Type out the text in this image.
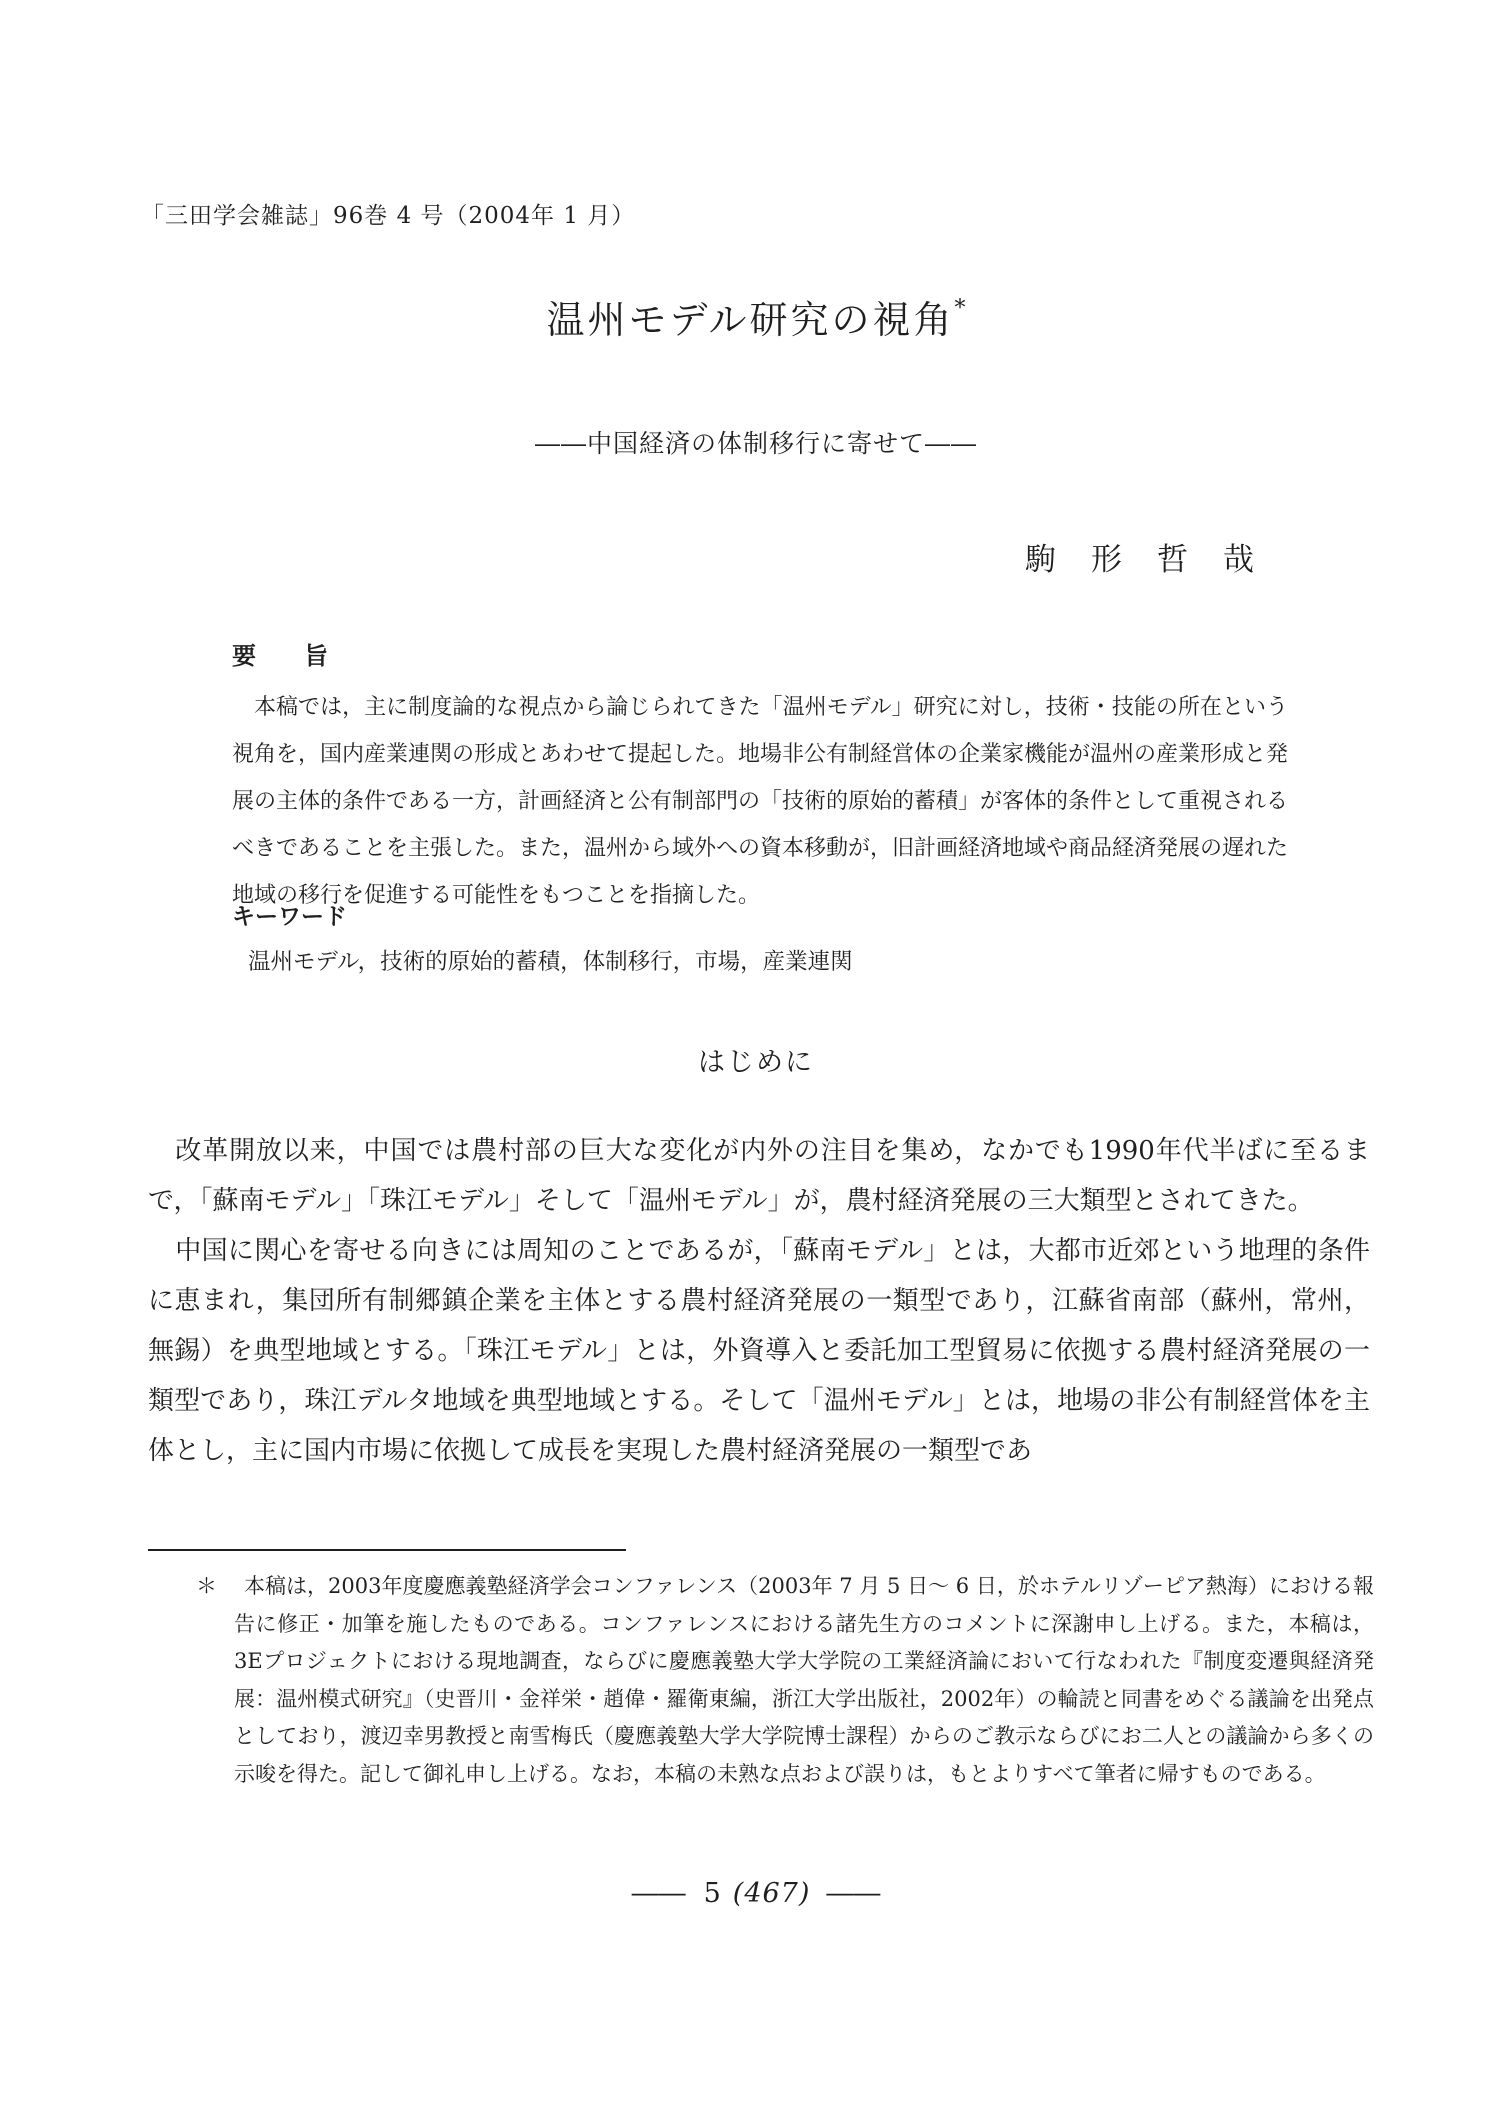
「三田学会雑誌」96巻 4 号（2004年 1 月）
温州モデル研究の視角*
――中国経済の体制移行に寄せて――
駒　形　哲　哉
要　　旨

本稿では，主に制度論的な視点から論じられてきた「温州モデル」研究に対し，技術・技能の所在という視角を，国内産業連関の形成とあわせて提起した。地場非公有制経営体の企業家機能が温州の産業形成と発展の主体的条件である一方，計画経済と公有制部門の「技術的原始的蓄積」が客体的条件として重視されるべきであることを主張した。また，温州から域外への資本移動が，旧計画経済地域や商品経済発展の遅れた地域の移行を促進する可能性をもつことを指摘した。

キーワード

温州モデル，技術的原始的蓄積，体制移行，市場，産業連関

はじめに

改革開放以来，中国では農村部の巨大な変化が内外の注目を集め，なかでも1990年代半ばに至るまで，「蘇南モデル」「珠江モデル」そして「温州モデル」が，農村経済発展の三大類型とされてきた。

中国に関心を寄せる向きには周知のことであるが，「蘇南モデル」とは，大都市近郊という地理的条件に恵まれ，集団所有制郷鎮企業を主体とする農村経済発展の一類型であり，江蘇省南部（蘇州，常州，無錫）を典型地域とする。「珠江モデル」とは，外資導入と委託加工型貿易に依拠する農村経済発展の一類型であり，珠江デルタ地域を典型地域とする。そして「温州モデル」とは，地場の非公有制経営体を主体とし，主に国内市場に依拠して成長を実現した農村経済発展の一類型であ

＊	本稿は，2003年度慶應義塾経済学会コンファレンス（2003年 7 月 5 日～ 6 日，於ホテルリゾーピア熱海）における報告に修正・加筆を施したものである。コンファレンスにおける諸先生方のコメントに深謝申し上げる。また，本稿は，3Eプロジェクトにおける現地調査，ならびに慶應義塾大学大学院の工業経済論において行なわれた『制度変遷與経済発展：温州模式研究』（史晋川・金祥栄・趙偉・羅衛東編，浙江大学出版社，2002年）の輪読と同書をめぐる議論を出発点としており，渡辺幸男教授と南雪梅氏（慶應義塾大学大学院博士課程）からのご教示ならびにお二人との議論から多くの示唆を得た。記して御礼申し上げる。なお，本稿の未熟な点および誤りは，もとよりすべて筆者に帰すものである。
―― 5 (467) ――
